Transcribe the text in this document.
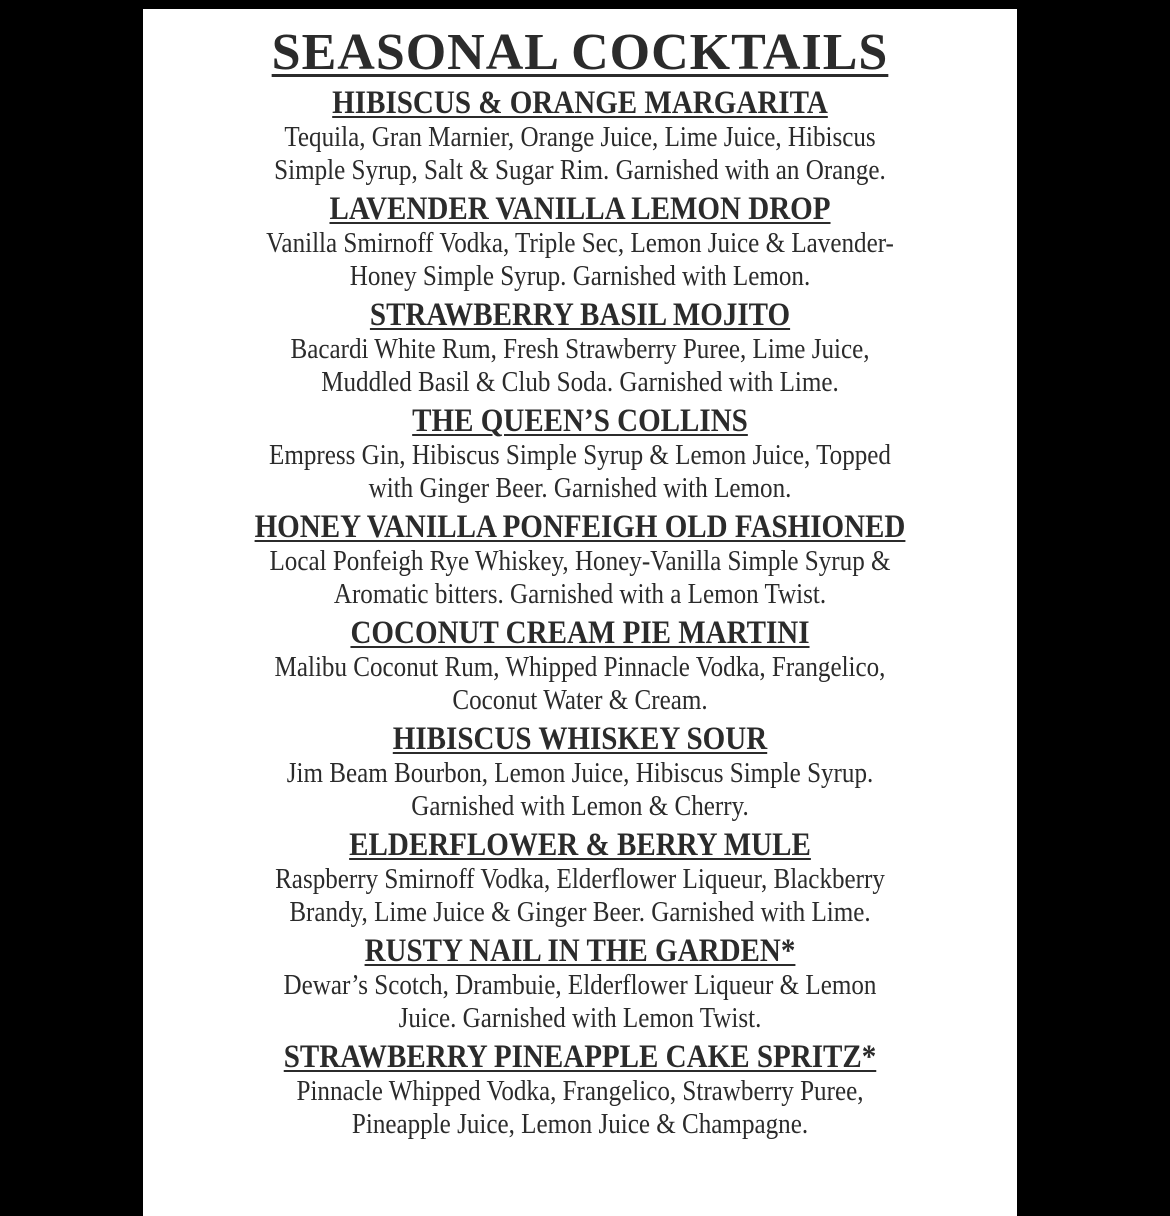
SEASONAL COCKTAILS
HIBISCUS & ORANGE MARGARITA
Tequila, Gran Marnier, Orange Juice, Lime Juice, Hibiscus
Simple Syrup, Salt & Sugar Rim. Garnished with an Orange.
LAVENDER VANILLA LEMON DROP
Vanilla Smirnoff Vodka, Triple Sec, Lemon Juice & Lavender-
Honey Simple Syrup. Garnished with Lemon.
STRAWBERRY BASIL MOJITO
Bacardi White Rum, Fresh Strawberry Puree, Lime Juice,
Muddled Basil & Club Soda. Garnished with Lime.
THE QUEEN’S COLLINS
Empress Gin, Hibiscus Simple Syrup & Lemon Juice, Topped
with Ginger Beer. Garnished with Lemon.
HONEY VANILLA PONFEIGH OLD FASHIONED
Local Ponfeigh Rye Whiskey, Honey-Vanilla Simple Syrup &
Aromatic bitters. Garnished with a Lemon Twist.
COCONUT CREAM PIE MARTINI
Malibu Coconut Rum, Whipped Pinnacle Vodka, Frangelico,
Coconut Water & Cream.
HIBISCUS WHISKEY SOUR
Jim Beam Bourbon, Lemon Juice, Hibiscus Simple Syrup.
Garnished with Lemon & Cherry.
ELDERFLOWER & BERRY MULE
Raspberry Smirnoff Vodka, Elderflower Liqueur, Blackberry
Brandy, Lime Juice & Ginger Beer. Garnished with Lime.
RUSTY NAIL IN THE GARDEN*
Dewar’s Scotch, Drambuie, Elderflower Liqueur & Lemon
Juice. Garnished with Lemon Twist.
STRAWBERRY PINEAPPLE CAKE SPRITZ*
Pinnacle Whipped Vodka, Frangelico, Strawberry Puree,
Pineapple Juice, Lemon Juice & Champagne.
